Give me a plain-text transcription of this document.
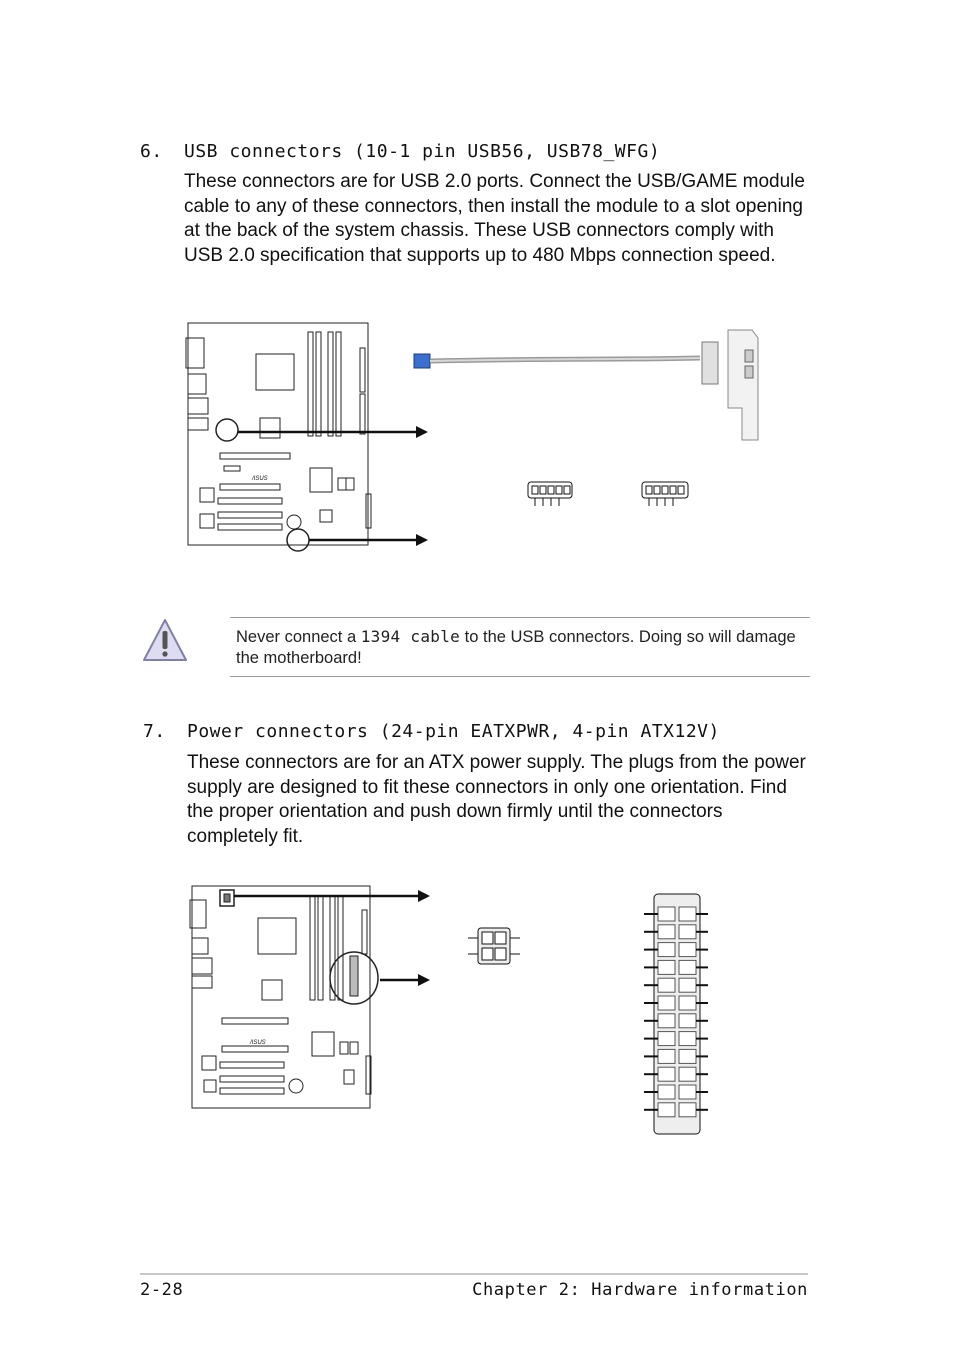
6. USB connectors (10-1 pin USB56, USB78_WFG)

These connectors are for USB 2.0 ports. Connect the USB/GAME module cable to any of these connectors, then install the module to a slot opening at the back of the system chassis. These USB connectors comply with USB 2.0 specification that supports up to 480 Mbps connection speed.

/ISUS
Never connect a 1394 cable to the USB connectors. Doing so will damage the motherboard!
7. Power connectors (24-pin EATXPWR, 4-pin ATX12V)

These connectors are for an ATX power supply. The plugs from the power supply are designed to fit these connectors in only one orientation. Find the proper orientation and push down firmly until the connectors completely fit.

/ISUS
2-28	Chapter 2: Hardware information
